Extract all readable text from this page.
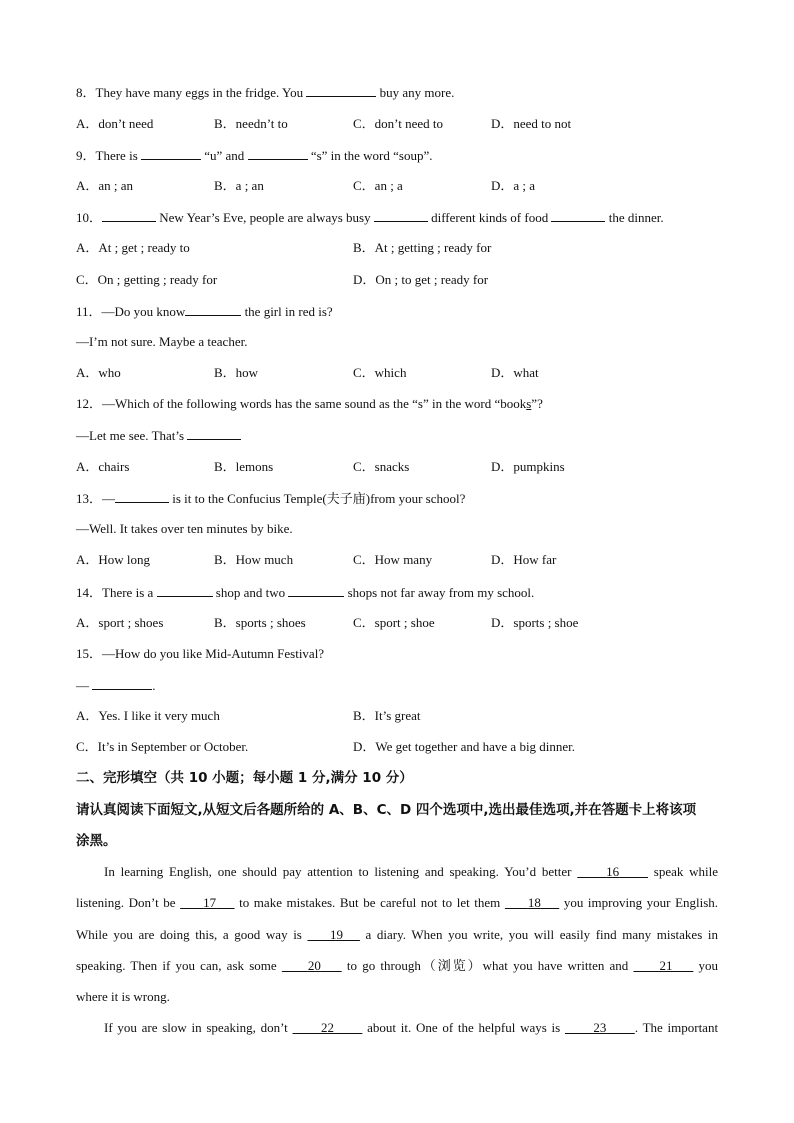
8．They have many eggs in the fridge. You	buy any more.
A．don’t need	B．needn’t to	C．don’t need to	D．need to not
9．There is	“u” and	“s” in the word “soup”.
A．an ; an	B．a ; an	C．an ; a	D．a ; a
10．	New Year’s Eve, people are always busy	different kinds of food	the dinner.
A．At ; get ; ready to	B．At ; getting ; ready for
C．On ; getting ; ready for	D．On ; to get ; ready for
11．—Do you know	the girl in red is?
—I’m not sure. Maybe a teacher.
A．who	B．how	C．which	D．what
12．—Which of the following words has the same sound as the “s” in the word “books”?
—Let me see. That’s
A．chairs	B．lemons	C．snacks	D．pumpkins
13．—	is it to the Confucius Temple(夫子庙)from your school?
—Well. It takes over ten minutes by bike.
A．How long	B．How much	C．How many	D．How far
14．There is a	shop and two	shops not far away from my school.
A．sport ; shoes	B．sports ; shoes	C．sport ; shoe	D．sports ; shoe
15．—How do you like Mid-Autumn Festival?
—	.
A．Yes. I like it very much	B．It’s great
C．It’s in September or October.	D．We get together and have a big dinner.
二、完形填空（共 10 小题；每小题 1 分,满分 10 分）
请认真阅读下面短文,从短文后各题所给的 A、B、C、D 四个选项中,选出最佳选项,并在答题卡上将该项
涂黑。
In learning English, one should pay attention to listening and speaking. You’d better	16	speak while
listening. Don’t be 17 to make mistakes. But be careful not to let them 18 you improving your English.
While you are doing this, a good way is 19 a diary. When you write, you will easily find many mistakes in
speaking. Then if you can, ask some 20 to go through（浏览）what you have written and 21 you
where it is wrong.
If you are slow in speaking, don’t	22	about it. One of the helpful ways is	23 . The important
